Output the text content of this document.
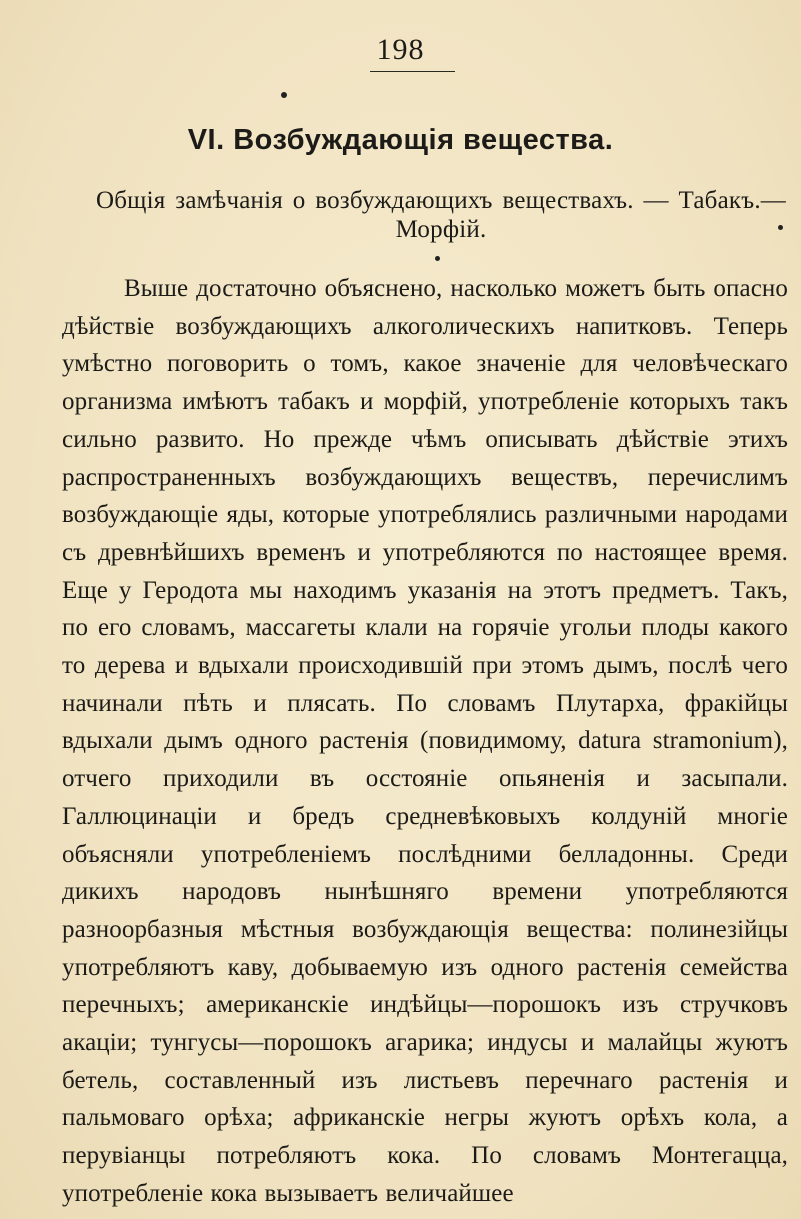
198
VI. Возбуждающія вещества.
Общія замѣчанія о возбуждающихъ веществахъ. — Табакъ.— Морфій.

Выше достаточно объяснено, насколько можетъ быть опасно дѣйствіе возбуждающихъ алкоголическихъ напитковъ. Теперь умѣстно поговорить о томъ, какое значеніе для человѣческаго организма имѣютъ табакъ и морфій, употребленіе которыхъ такъ сильно развито. Но прежде чѣмъ описывать дѣйствіе этихъ распространенныхъ возбуждающихъ веществъ, перечислимъ возбуждающіе яды, которые употреблялись различными народами съ древнѣйшихъ временъ и употребляются по настоящее время. Еще у Геродота мы находимъ указанія на этотъ предметъ. Такъ, по его словамъ, массагеты клали на горячіе угольи плоды какого то дерева и вдыхали происходившій при этомъ дымъ, послѣ чего начинали пѣть и плясать. По словамъ Плутарха, фракійцы вдыхали дымъ одного растенія (повидимому, datura stramonium), отчего приходили въ осстояніе опьяненія и засыпали. Галлюцинаціи и бредъ средневѣковыхъ колдуній многіе объясняли употребленіемъ послѣдними белладонны. Среди дикихъ народовъ нынѣшняго времени употребляются разноорбазныя мѣстныя возбуждающія вещества: полинезійцы употребляютъ каву, добываемую изъ одного растенія семейства перечныхъ; американскіе индѣйцы—порошокъ изъ стручковъ акаціи; тунгусы—порошокъ агарика; индусы и малайцы жуютъ бетель, составленный изъ листьевъ перечнаго растенія и пальмоваго орѣха; африканскіе негры жуютъ орѣхъ кола, а перувіанцы потребляютъ кока. По словамъ Монтегацца, употребленіе кока вызываетъ величайшее
